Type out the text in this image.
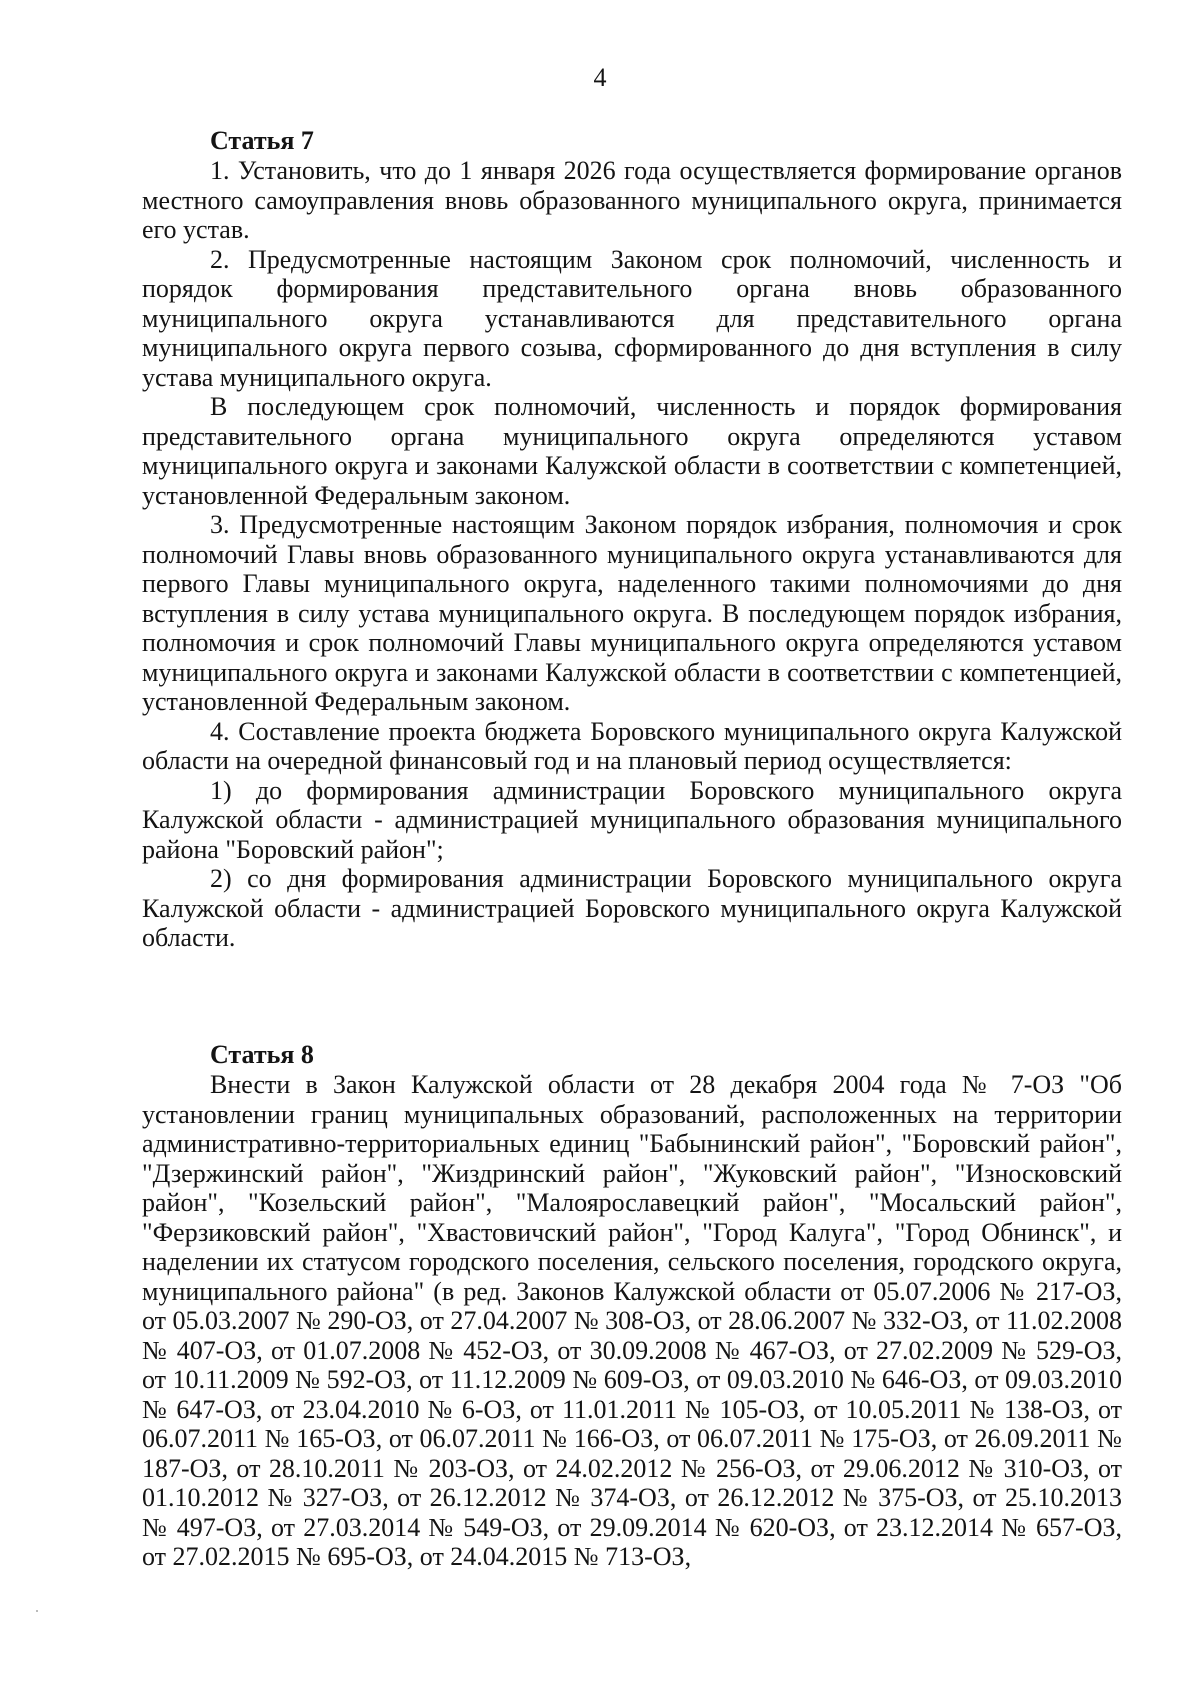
4
Статья 7

1. Установить, что до 1 января 2026 года осуществляется формирование органов местного самоуправления вновь образованного муниципального округа, принимается его устав.

2. Предусмотренные настоящим Законом срок полномочий, численность и порядок формирования представительного органа вновь образованного муниципального округа устанавливаются для представительного органа муниципального округа первого созыва, сформированного до дня вступления в силу устава муниципального округа.

В последующем срок полномочий, численность и порядок формирования представительного органа муниципального округа определяются уставом муниципального округа и законами Калужской области в соответствии с компетенцией, установленной Федеральным законом.

3. Предусмотренные настоящим Законом порядок избрания, полномочия и срок полномочий Главы вновь образованного муниципального округа устанавливаются для первого Главы муниципального округа, наделенного такими полномочиями до дня вступления в силу устава муниципального округа. В последующем порядок избрания, полномочия и срок полномочий Главы муниципального округа определяются уставом муниципального округа и законами Калужской области в соответствии с компетенцией, установленной Федеральным законом.

4. Составление проекта бюджета Боровского муниципального округа Калужской области на очередной финансовый год и на плановый период осуществляется:

1) до формирования администрации Боровского муниципального округа Калужской области - администрацией муниципального образования муниципального района "Боровский район";

2) со дня формирования администрации Боровского муниципального округа Калужской области - администрацией Боровского муниципального округа Калужской области.

Статья 8

Внести в Закон Калужской области от 28 декабря 2004 года № 7-ОЗ "Об установлении границ муниципальных образований, расположенных на территории административно-территориальных единиц "Бабынинский район", "Боровский район", "Дзержинский район", "Жиздринский район", "Жуковский район", "Износковский район", "Козельский район", "Малоярославецкий район", "Мосальский район", "Ферзиковский район", "Хвастовичский район", "Город Калуга", "Город Обнинск", и наделении их статусом городского поселения, сельского поселения, городского округа, муниципального района" (в ред. Законов Калужской области от 05.07.2006 № 217-ОЗ, от 05.03.2007 № 290-ОЗ, от 27.04.2007 № 308-ОЗ, от 28.06.2007 № 332-ОЗ, от 11.02.2008 № 407-ОЗ, от 01.07.2008 № 452-ОЗ, от 30.09.2008 № 467-ОЗ, от 27.02.2009 № 529-ОЗ, от 10.11.2009 № 592-ОЗ, от 11.12.2009 № 609-ОЗ, от 09.03.2010 № 646-ОЗ, от 09.03.2010 № 647-ОЗ, от 23.04.2010 № 6-ОЗ, от 11.01.2011 № 105-ОЗ, от 10.05.2011 № 138-ОЗ, от 06.07.2011 № 165-ОЗ, от 06.07.2011 № 166-ОЗ, от 06.07.2011 № 175-ОЗ, от 26.09.2011 № 187-ОЗ, от 28.10.2011 № 203-ОЗ, от 24.02.2012 № 256-ОЗ, от 29.06.2012 № 310-ОЗ, от 01.10.2012 № 327-ОЗ, от 26.12.2012 № 374-ОЗ, от 26.12.2012 № 375-ОЗ, от 25.10.2013 № 497-ОЗ, от 27.03.2014 № 549-ОЗ, от 29.09.2014 № 620-ОЗ, от 23.12.2014 № 657-ОЗ, от 27.02.2015 № 695-ОЗ, от 24.04.2015 № 713-ОЗ,
